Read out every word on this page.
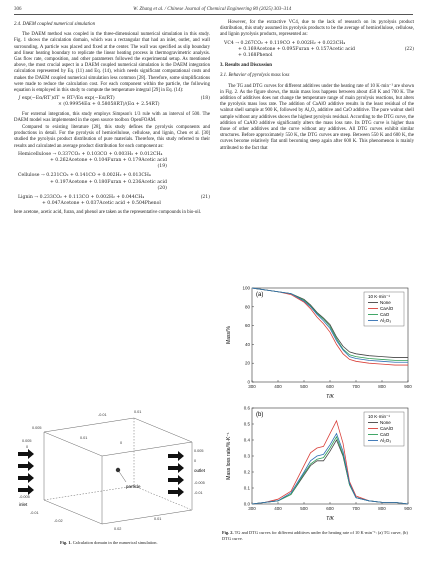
306	W. Zhang et al. / Chinese Journal of Chemical Engineering 80 (2025) 303–314
2.4. DAEM coupled numerical simulation

The DAEM method was coupled in the three-dimensional numerical simulation in this study. Fig. 1 shows the calculation domain, which was a rectangular that had an inlet, outlet, and wall surrounding. A particle was placed and fixed at the center. The wall was specified as slip boundary and linear heating boundary to replicate the linear heating process in thermogravimetric analysis. Gas flow rate, composition, and other parameters followed the experimental setup. As mentioned above, the most crucial aspect in a DAEM coupled numerical simulation is the DAEM integration calculation represented by Eq. (11) and Eq. (14), which needs significant computational costs and makes the DAEM coupled numerical simulation less common [28]. Therefore, some simplifications were made to reduce the calculation cost. For each component within the particle, the following equation is employed in this study to compute the temperature integral [29] in Eq. (14):

∫ exp(−Eα/RT′)dT′ ≈ RT²/Eα exp(−Eα/RT)
× (0.99954Eα + 0.58058RT)/(Eα + 2.54RT)
(18)

For external integration, this study employs Simpson's 1/3 rule with an interval of 500. The DAEM model was implemented in the open source toolbox OpenFOAM.

Compared to existing literature [28], this study defines the pyrolysis components and productions in detail. For the pyrolysis of hemicellulose, cellulose, and lignin, Chen et al. [30] studied the pyrolysis product distribution of pure materials. Therefore, this study referred to their results and calculated an average product distribution for each component as:

Hemicellulose → 0.337CO₂ + 0.103CO + 0.003H₂ + 0.012CH₄
+ 0.262Acetone + 0.104Furan + 0.179Acetic acid
(19)
Cellulose → 0.231CO₂ + 0.141CO + 0.002H₂ + 0.013CH₄
+ 0.197Acetone + 0.180Furan + 0.236Acetic acid
(20)
Lignin → 0.233CO₂ + 0.113CO + 0.002H₂ + 0.044CH₄
+ 0.047Acetone + 0.037Acetic acid + 0.504Phenol
(21)

here acetone, acetic acid, furan, and phenol are taken as the representative compounds in bio-oil.

particle
outlet
inlet
-0.01
0.01
0.005
0.01
0.005
0
0
0.005
0
-0.005
-0.01
-0.005
-0.01
0.01
-0.02
0.02
Fig. 1. Calculation domain in the numerical simulation.

However, for the extractive VC4, due to the lack of research on its pyrolysis product distribution, this study assumed its pyrolysis products to be the average of hemicellulose, cellulose, and lignin pyrolysis products, represented as:

VC4 → 0.267CO₂ + 0.119CO + 0.002H₂ + 0.023CH₄
+ 0.169Acetone + 0.095Furan + 0.157Acetic acid
+ 0.168Phenol
(22)
3. Results and Discussion
3.1. Behavior of pyrolysis mass loss

The TG and DTG curves for different additives under the heating rate of 10 K·min⁻¹ are shown in Fig. 2. As the figure shows, the main mass loss happens between about 450 K and 700 K. The addition of additives does not change the temperature range of main pyrolysis reactions, but alters the pyrolysis mass loss rate. The addition of CaAlO additive results in the least residual of the walnut shell sample at 900 K, followed by Al₂O₃ additive and CaO additive. The pure walnut shell sample without any additives shows the highest pyrolysis residual. According to the DTG curve, the addition of CaAlO additive significantly alters the mass loss rate. Its DTG curve is higher than those of other additives and the curve without any additives. All DTG curves exhibit similar structures. Before approximately 550 K, the DTG curves are steep. Between 550 K and 600 K, the curves become relatively flat until becoming steep again after 600 K. This phenomenon is mainly attributed to the fact that

300	400	500	600	700	800	900
0
20
40
60
80
100
T/K
Mass/%
(a)	10 K·min⁻¹
None
CaAlO
CaO
Al₂O₃
300	400	500	600	700	800	900
0.0
0.1
0.2
0.3
0.4
0.5
0.6
T/K
Mass loss rate/%·K⁻¹
(b)	10 K·min⁻¹
None
CaAlO
CaO
Al₂O₃
Fig. 2. TG and DTG curves for different additives under the heating rate of 10 K·min⁻¹: (a) TG curve, (b) DTG curve.
